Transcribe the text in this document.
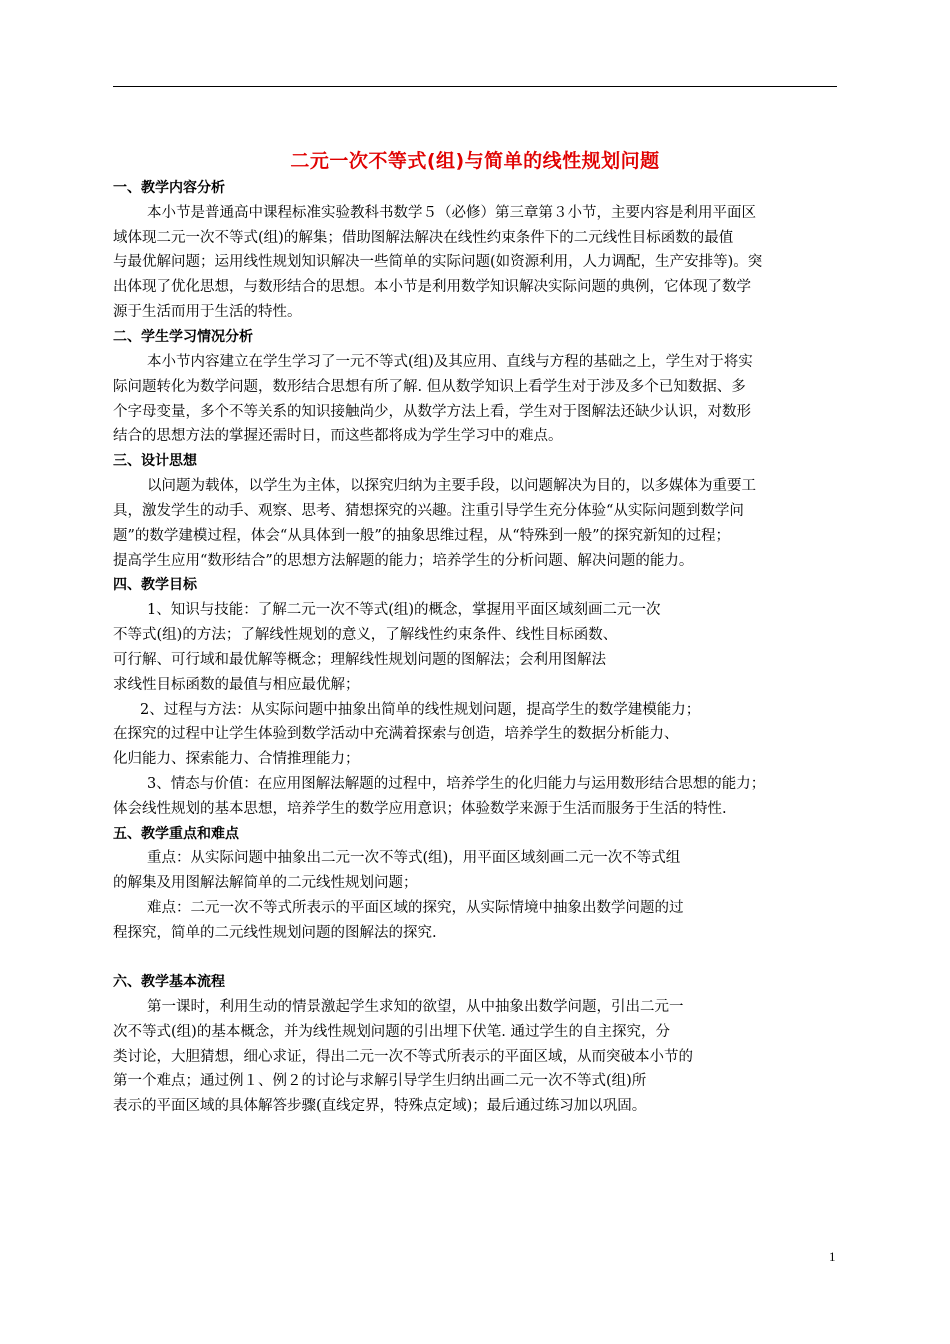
二元一次不等式(组)与简单的线性规划问题
一、教学内容分析
本小节是普通高中课程标准实验教科书数学５（必修）第三章第３小节，主要内容是利用平面区
域体现二元一次不等式(组)的解集；借助图解法解决在线性约束条件下的二元线性目标函数的最值
与最优解问题；运用线性规划知识解决一些简单的实际问题(如资源利用，人力调配，生产安排等)。突
出体现了优化思想，与数形结合的思想。本小节是利用数学知识解决实际问题的典例，它体现了数学
源于生活而用于生活的特性。
二、学生学习情况分析
本小节内容建立在学生学习了一元不等式(组)及其应用、直线与方程的基础之上，学生对于将实
际问题转化为数学问题，数形结合思想有所了解. 但从数学知识上看学生对于涉及多个已知数据、多
个字母变量，多个不等关系的知识接触尚少，从数学方法上看，学生对于图解法还缺少认识，对数形
结合的思想方法的掌握还需时日，而这些都将成为学生学习中的难点。
三、设计思想
以问题为载体，以学生为主体，以探究归纳为主要手段，以问题解决为目的，以多媒体为重要工
具，激发学生的动手、观察、思考、猜想探究的兴趣。注重引导学生充分体验“从实际问题到数学问
题”的数学建模过程，体会“从具体到一般”的抽象思维过程，从“特殊到一般”的探究新知的过程；
提高学生应用“数形结合”的思想方法解题的能力；培养学生的分析问题、解决问题的能力。
四、教学目标
1、知识与技能：了解二元一次不等式(组)的概念，掌握用平面区域刻画二元一次
不等式(组)的方法；了解线性规划的意义，了解线性约束条件、线性目标函数、
可行解、可行域和最优解等概念；理解线性规划问题的图解法；会利用图解法
求线性目标函数的最值与相应最优解；
2、过程与方法：从实际问题中抽象出简单的线性规划问题，提高学生的数学建模能力；
在探究的过程中让学生体验到数学活动中充满着探索与创造，培养学生的数据分析能力、
化归能力、探索能力、合情推理能力；
3、情态与价值：在应用图解法解题的过程中，培养学生的化归能力与运用数形结合思想的能力；
体会线性规划的基本思想，培养学生的数学应用意识；体验数学来源于生活而服务于生活的特性.
五、教学重点和难点
重点：从实际问题中抽象出二元一次不等式(组)，用平面区域刻画二元一次不等式组
的解集及用图解法解简单的二元线性规划问题；
难点：二元一次不等式所表示的平面区域的探究，从实际情境中抽象出数学问题的过
程探究，简单的二元线性规划问题的图解法的探究.
六、教学基本流程
第一课时，利用生动的情景激起学生求知的欲望，从中抽象出数学问题，引出二元一
次不等式(组)的基本概念，并为线性规划问题的引出埋下伏笔. 通过学生的自主探究，分
类讨论，大胆猜想，细心求证，得出二元一次不等式所表示的平面区域，从而突破本小节的
第一个难点；通过例１、例２的讨论与求解引导学生归纳出画二元一次不等式(组)所
表示的平面区域的具体解答步骤(直线定界，特殊点定域)；最后通过练习加以巩固。
1
